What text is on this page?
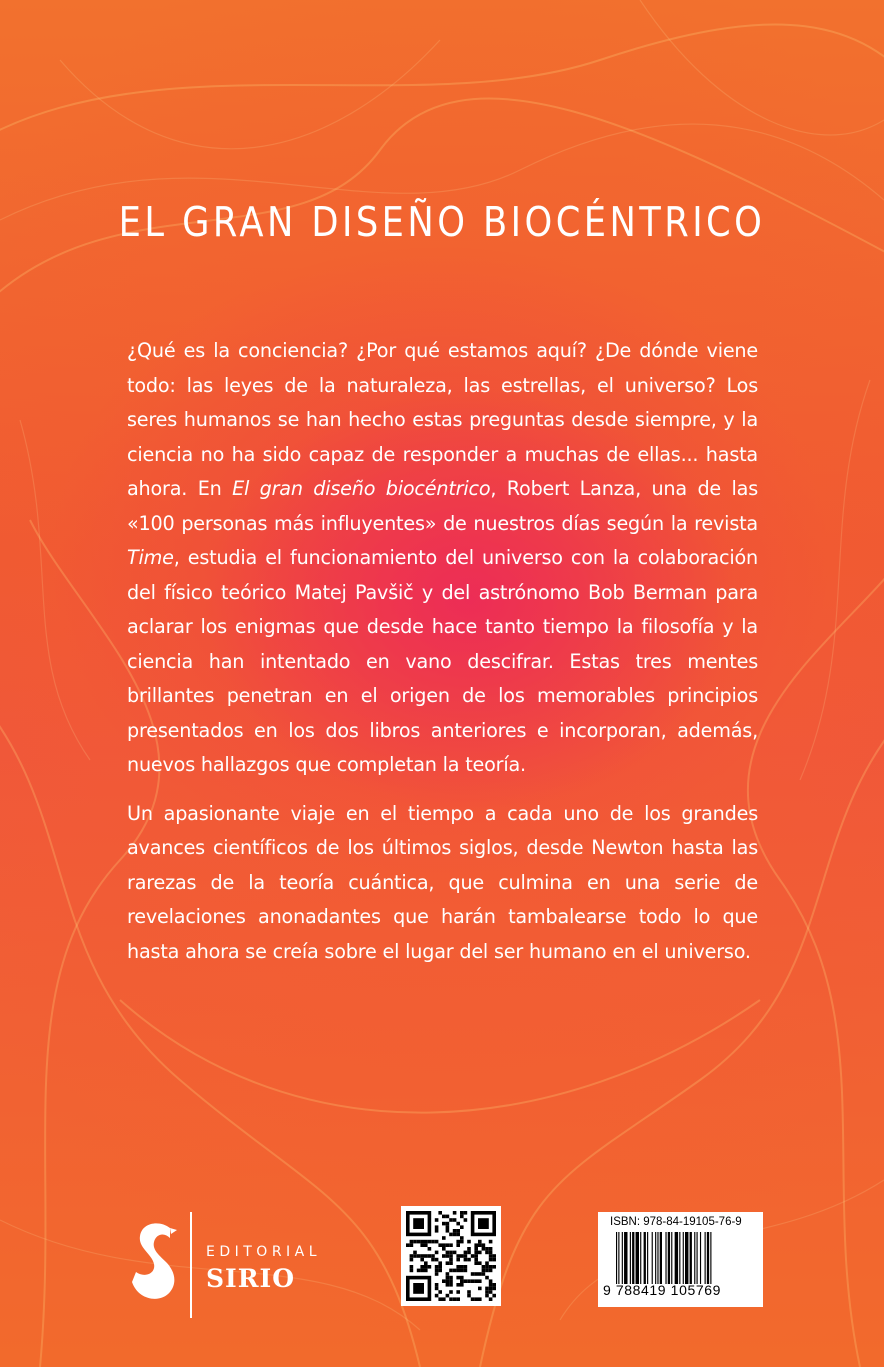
EL GRAN DISEÑO BIOCÉNTRICO

¿Qué es la conciencia? ¿Por qué estamos aquí? ¿De dónde viene todo: las leyes de la naturaleza, las estrellas, el universo? Los seres humanos se han hecho estas preguntas desde siempre, y la ciencia no ha sido capaz de responder a muchas de ellas... hasta ahora. En El gran diseño biocéntrico, Robert Lanza, una de las «100 personas más influyentes» de nuestros días según la revista Time, estudia el funcionamiento del universo con la colaboración del físico teórico Matej Pavšič y del astrónomo Bob Berman para aclarar los enigmas que desde hace tanto tiempo la filosofía y la ciencia han intentado en vano descifrar. Estas tres mentes brillantes penetran en el origen de los memorables principios presentados en los dos libros anteriores e incorporan, además, nuevos hallazgos que completan la teoría.

Un apasionante viaje en el tiempo a cada uno de los grandes avances científicos de los últimos siglos, desde Newton hasta las rarezas de la teoría cuántica, que culmina en una serie de revelaciones anonadantes que harán tambalearse todo lo que hasta ahora se creía sobre el lugar del ser humano en el universo.

EDITORIAL
SIRIO
ISBN: 978-84-19105-76-9
9 788419 105769
